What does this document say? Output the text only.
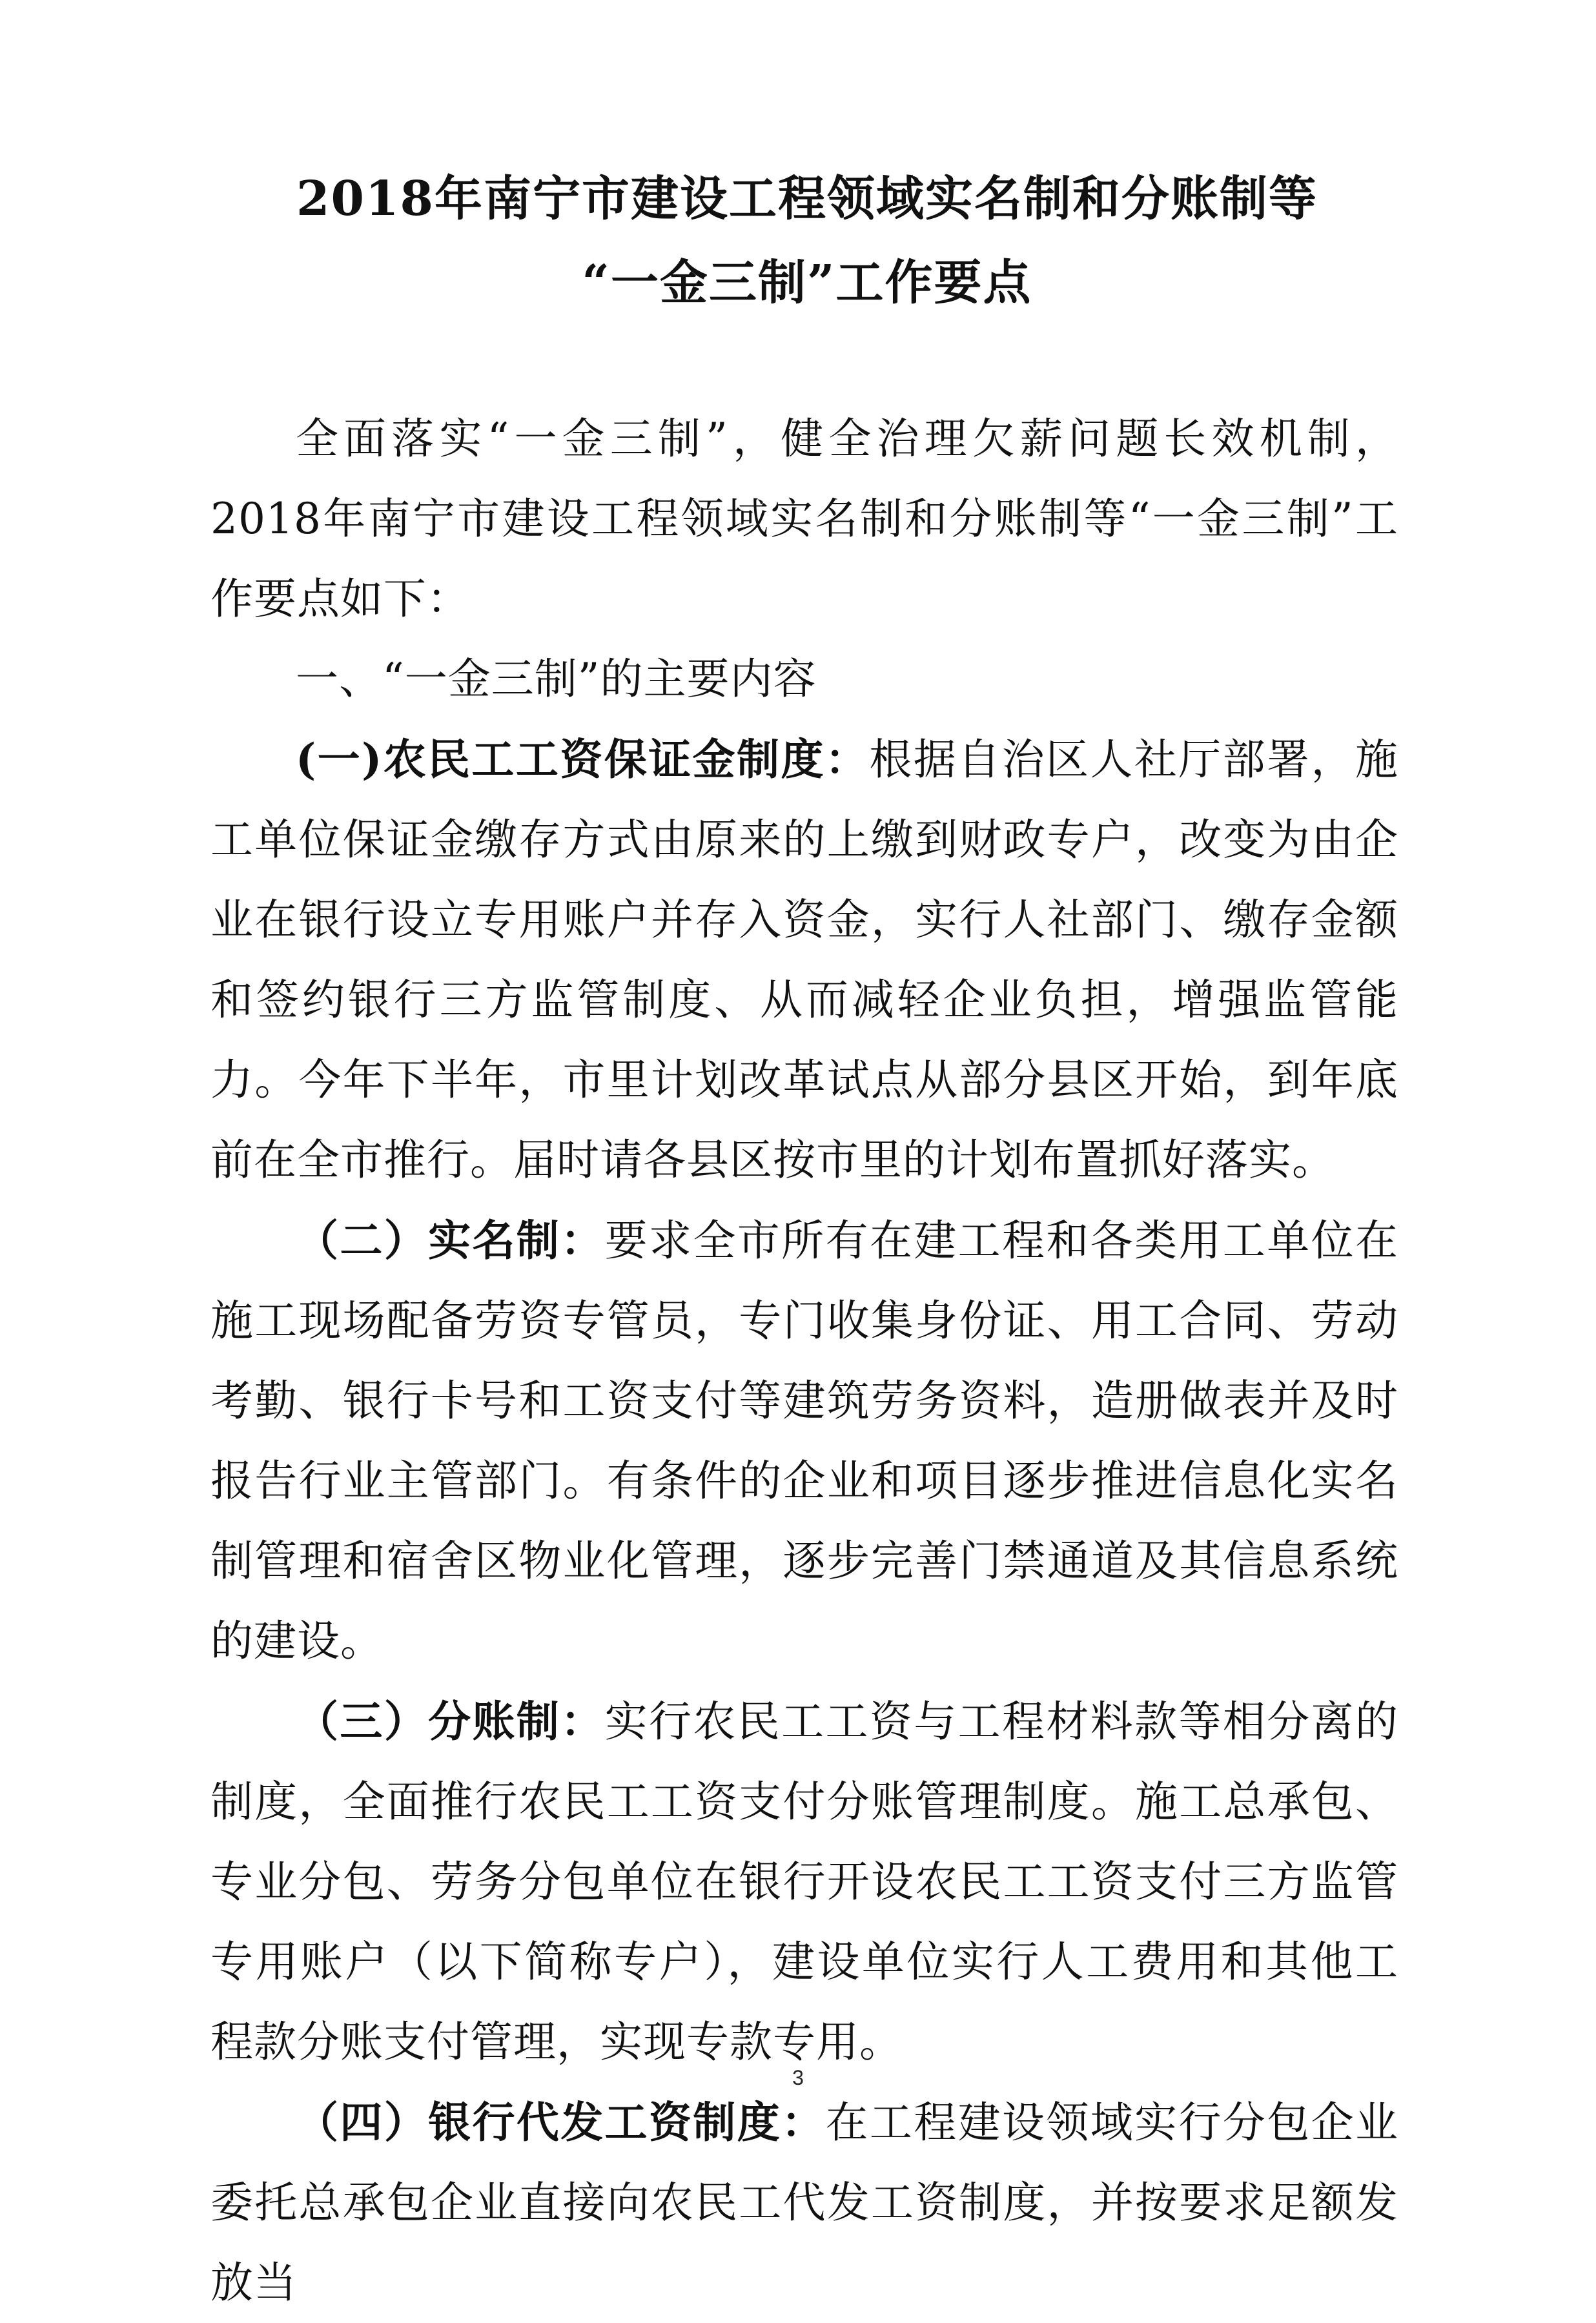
2018年南宁市建设工程领域实名制和分账制等
“一金三制”工作要点

全面落实“一金三制”，健全治理欠薪问题长效机制，2018年南宁市建设工程领域实名制和分账制等“一金三制”工作要点如下：

一、“一金三制”的主要内容

(一)农民工工资保证金制度：根据自治区人社厅部署，施工单位保证金缴存方式由原来的上缴到财政专户，改变为由企业在银行设立专用账户并存入资金，实行人社部门、缴存金额和签约银行三方监管制度、从而减轻企业负担，增强监管能力。今年下半年，市里计划改革试点从部分县区开始，到年底前在全市推行。届时请各县区按市里的计划布置抓好落实。

（二）实名制：要求全市所有在建工程和各类用工单位在施工现场配备劳资专管员，专门收集身份证、用工合同、劳动考勤、银行卡号和工资支付等建筑劳务资料，造册做表并及时报告行业主管部门。有条件的企业和项目逐步推进信息化实名制管理和宿舍区物业化管理，逐步完善门禁通道及其信息系统的建设。

（三）分账制：实行农民工工资与工程材料款等相分离的制度，全面推行农民工工资支付分账管理制度。施工总承包、专业分包、劳务分包单位在银行开设农民工工资支付三方监管专用账户（以下简称专户），建设单位实行人工费用和其他工程款分账支付管理，实现专款专用。

（四）银行代发工资制度：在工程建设领域实行分包企业委托总承包企业直接向农民工代发工资制度，并按要求足额发放当

3
